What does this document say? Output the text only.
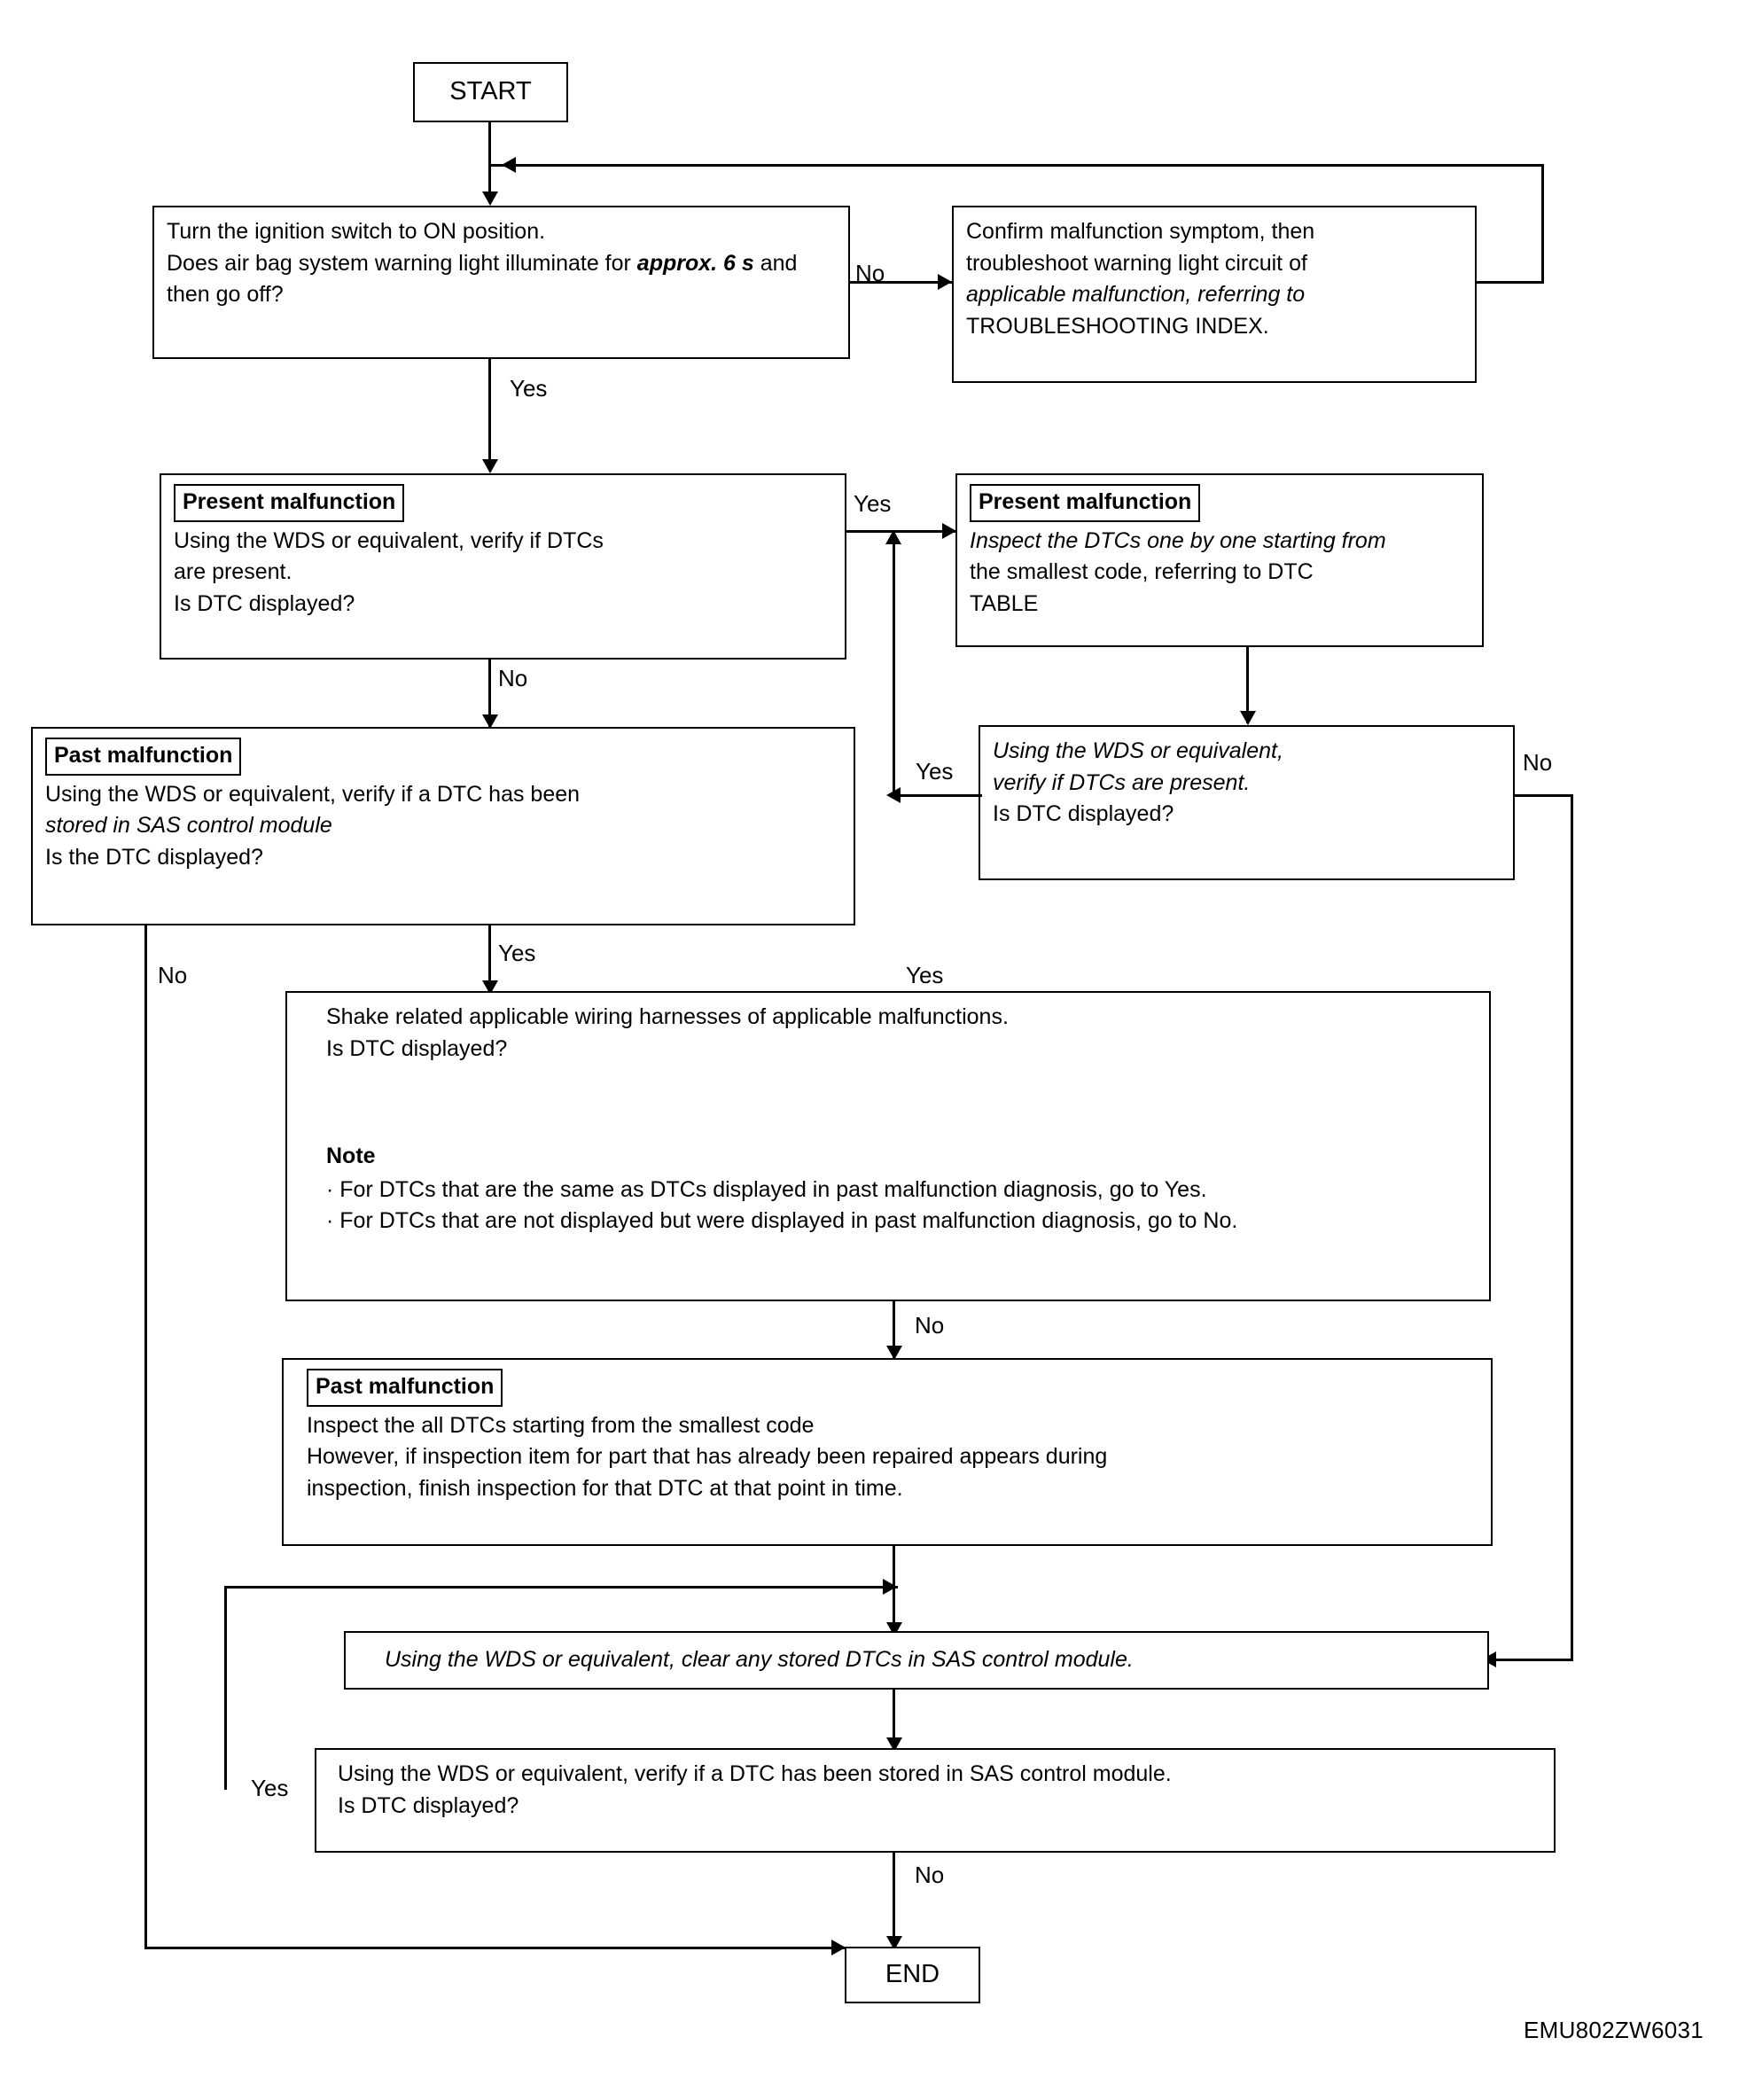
START
Turn the ignition switch to ON position.
Does air bag system warning light illuminate for approx. 6 s and then go off?
No
Confirm malfunction symptom, then
troubleshoot warning light circuit of
applicable malfunction, referring to
TROUBLESHOOTING INDEX.
Yes
Present malfunction
Using the WDS or equivalent, verify if DTCs
are present.
Is DTC displayed?
Yes	Present malfunction
Inspect the DTCs one by one starting from
the smallest code, referring to DTC
TABLE
Using the WDS or equivalent,
verify if DTCs are present.
Is DTC displayed?
Yes	No
No
Past malfunction
Using the WDS or equivalent, verify if a DTC has been
stored in SAS control module
Is the DTC displayed?
Yes
No	Yes
Shake related applicable wiring harnesses of applicable malfunctions.
Is DTC displayed?
Note
· For DTCs that are the same as DTCs displayed in past malfunction diagnosis, go to Yes.
· For DTCs that are not displayed but were displayed in past malfunction diagnosis, go to No.
No
Past malfunction
Inspect the all DTCs starting from the smallest code
However, if inspection item for part that has already been repaired appears during
inspection, finish inspection for that DTC at that point in time.
Using the WDS or equivalent, clear any stored DTCs in SAS control module.
Using the WDS or equivalent, verify if a DTC has been stored in SAS control module.
Is DTC displayed?
Yes
No
END
EMU802ZW6031
